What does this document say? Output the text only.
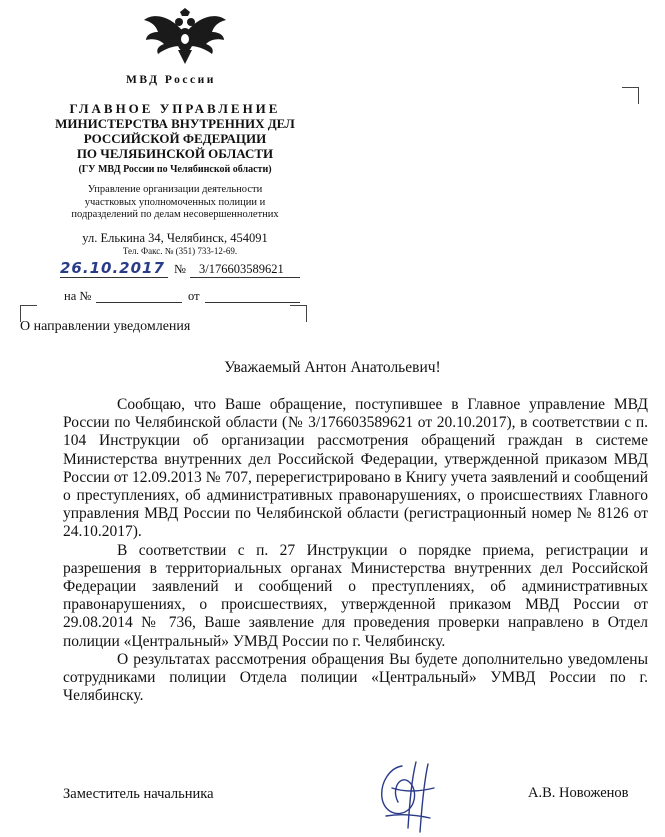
МВД России
ГЛАВНОЕ УПРАВЛЕНИЕ
МИНИСТЕРСТВА ВНУТРЕННИХ ДЕЛ
РОССИЙСКОЙ ФЕДЕРАЦИИ
ПО ЧЕЛЯБИНСКОЙ ОБЛАСТИ
(ГУ МВД России по Челябинской области)
Управление организации деятельности
участковых уполномоченных полиции и
подразделений по делам несовершеннолетних
ул. Елькина 34, Челябинск, 454091
Тел. Факс. № (351) 733-12-69.
26.10.2017 № 3/176603589621
на №	от
О направлении уведомления
Уважаемый Антон Анатольевич!

Сообщаю, что Ваше обращение, поступившее в Главное управление МВД России по Челябинской области (№ 3/176603589621 от 20.10.2017), в соответствии с п. 104 Инструкции об организации рассмотрения обращений граждан в системе Министерства внутренних дел Российской Федерации, утвержденной приказом МВД России от 12.09.2013 № 707, перерегистрировано в Книгу учета заявлений и сообщений о преступлениях, об административных правонарушениях, о происшествиях Главного управления МВД России по Челябинской области (регистрационный номер № 8126 от 24.10.2017).

В соответствии с п. 27 Инструкции о порядке приема, регистрации и разрешения в территориальных органах Министерства внутренних дел Российской Федерации заявлений и сообщений о преступлениях, об административных правонарушениях, о происшествиях, утвержденной приказом МВД России от 29.08.2014 № 736, Ваше заявление для проведения проверки направлено в Отдел полиции «Центральный» УМВД России по г. Челябинску.

О результатах рассмотрения обращения Вы будете дополнительно уведомлены сотрудниками полиции Отдела полиции «Центральный» УМВД России по г. Челябинску.

Заместитель начальника	А.В. Новоженов
